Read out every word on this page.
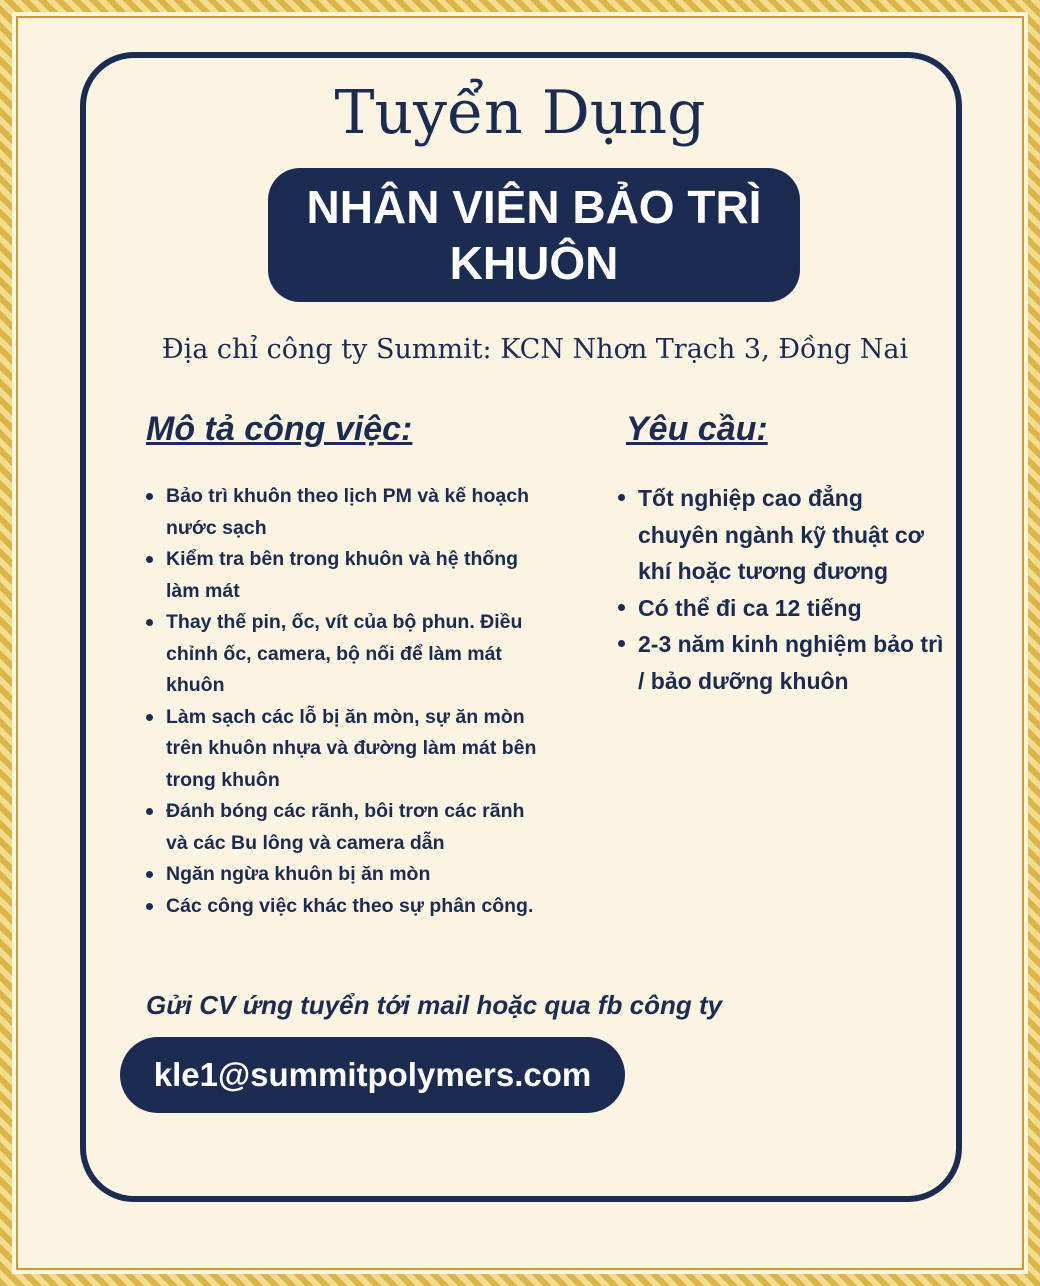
Tuyển Dụng
NHÂN VIÊN BẢO TRÌ KHUÔN
Địa chỉ công ty Summit: KCN Nhơn Trạch 3, Đồng Nai
Mô tả công việc:	Yêu cầu:
Bảo trì khuôn theo lịch PM và kế hoạch nước sạch
Kiểm tra bên trong khuôn và hệ thống làm mát
Thay thế pin, ốc, vít của bộ phun. Điều chỉnh ốc, camera, bộ nối để làm mát khuôn
Làm sạch các lỗ bị ăn mòn, sự ăn mòn trên khuôn nhựa và đường làm mát bên trong khuôn
Đánh bóng các rãnh, bôi trơn các rãnh và các Bu lông và camera dẫn
Ngăn ngừa khuôn bị ăn mòn
Các công việc khác theo sự phân công.
Tốt nghiệp cao đẳng chuyên ngành kỹ thuật cơ khí hoặc tương đương
Có thể đi ca 12 tiếng
2-3 năm kinh nghiệm bảo trì / bảo dưỡng khuôn
Gửi CV ứng tuyển tới mail hoặc qua fb công ty
kle1@summitpolymers.com
